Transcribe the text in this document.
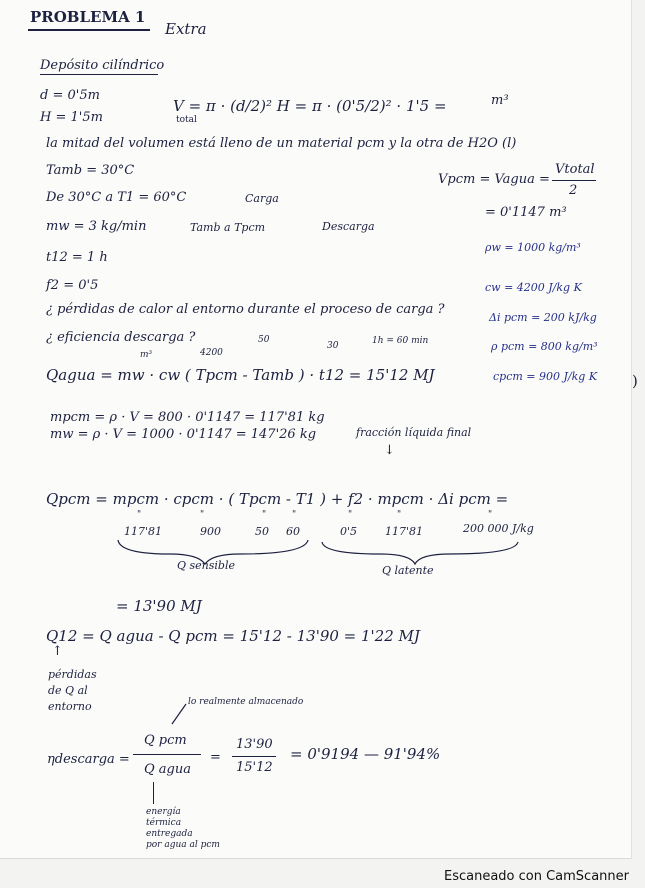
PROBLEMA 1
Extra
Depósito cilíndrico
d = 0'5m
H = 1'5m
V = π · (d/2)² H = π · (0'5/2)² · 1'5 =
total
m³
la mitad del volumen está lleno de un material pcm y la otra de H2O (l)
Tamb = 30°C
De 30°C a T1 = 60°C	Carga
mw = 3 kg/min	Tamb a Tpcm	Descarga
t12 = 1 h
f2 = 0'5
¿ pérdidas de calor al entorno durante el proceso de carga ?
¿ eficiencia descarga ?
Vpcm = Vagua =
Vtotal
2
= 0'1147 m³
ρw = 1000 kg/m³
cw = 4200 J/kg K
Δi pcm = 200 kJ/kg
ρ pcm = 800 kg/m³
cpcm = 900 J/kg K )
m³	4200
50
30	1h = 60 min
Qagua = mw · cw ( Tpcm - Tamb ) · t12 = 15'12 MJ
mpcm = ρ · V = 800 · 0'1147 = 117'81 kg
mw = ρ · V = 1000 · 0'1147 = 147'26 kg	fracción líquida final
↓
Qpcm = mpcm · cpcm · ( Tpcm - T1 ) + f2 · mpcm · Δi pcm =
"	"	"	"	"	"	"
117'81	900	50 60	0'5	117'81	200 000 J/kg
Q sensible	Q latente
= 13'90 MJ
Q12 = Q agua - Q pcm = 15'12 - 13'90 = 1'22 MJ
↑
pérdidas
de Q al
entorno	lo realmente almacenado
ηdescarga =
Q pcm
Q agua
=
13'90
15'12
= 0'9194 — 91'94%
energía
térmica
entregada
por agua al pcm
Escaneado con CamScanner
